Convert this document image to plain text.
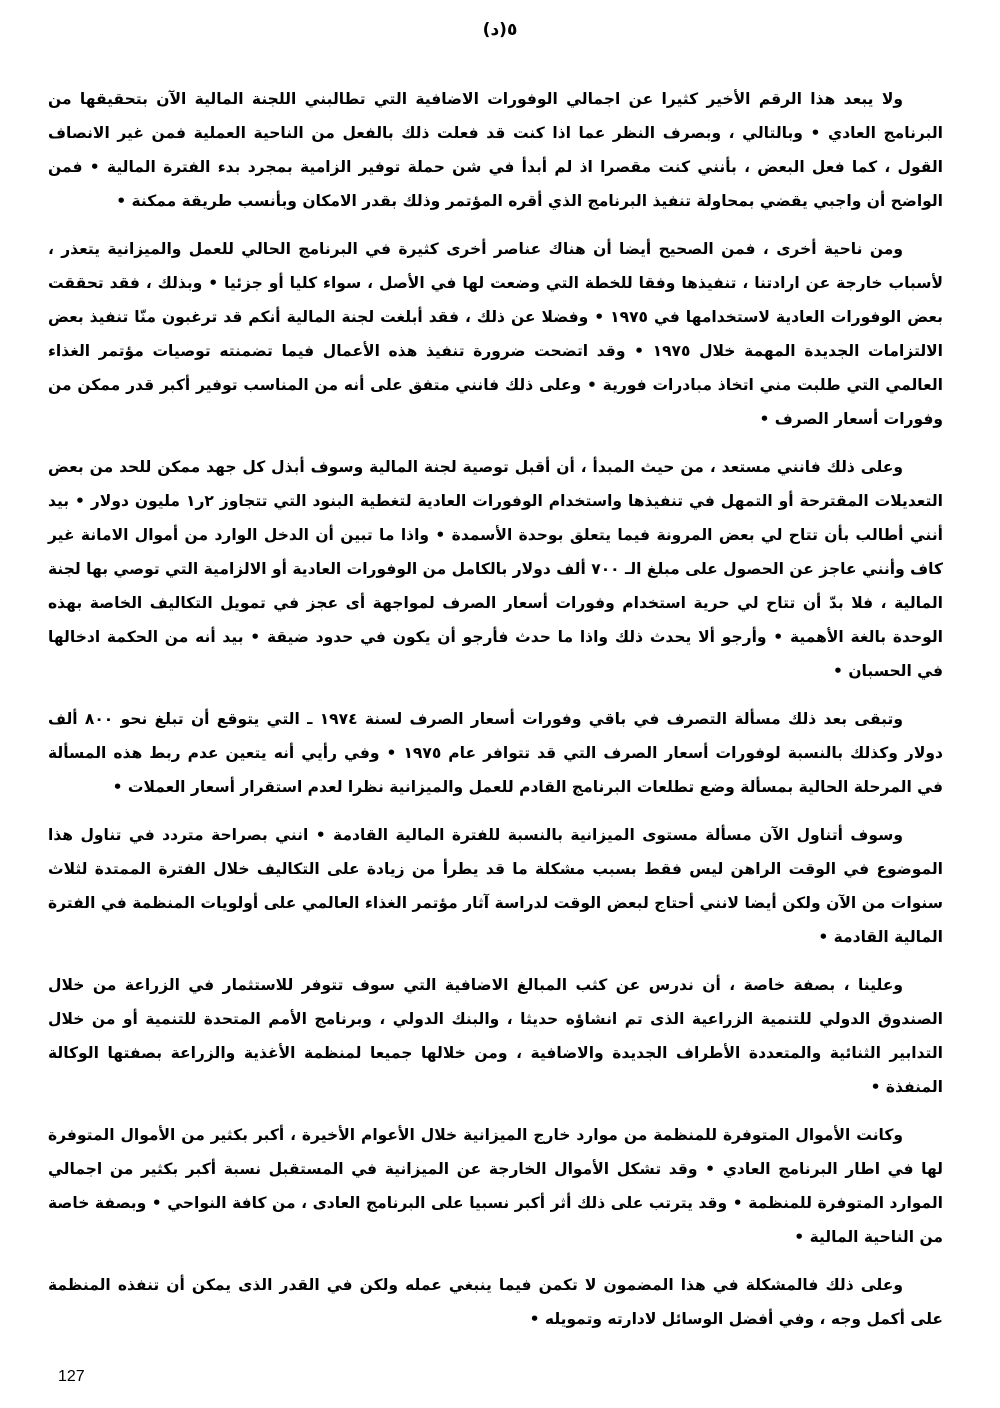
٥(د)

ولا يبعد هذا الرقم الأخير كثيرا عن اجمالي الوفورات الاضافية التي تطالبني اللجنة المالية الآن بتحقيقها من البرنامج العادي • وبالتالي ، وبصرف النظر عما اذا كنت قد فعلت ذلك بالفعل من الناحية العملية فمن غير الانصاف القول ، كما فعل البعض ، بأنني كنت مقصرا اذ لم أبدأ في شن حملة توفير الزامية بمجرد بدء الفترة المالية • فمن الواضح أن واجبي يقضي بمحاولة تنفيذ البرنامج الذي أقره المؤتمر وذلك بقدر الامكان وبأنسب طريقة ممكنة •

ومن ناحية أخرى ، فمن الصحيح أيضا أن هناك عناصر أخرى كثيرة في البرنامج الحالي للعمل والميزانية يتعذر ، لأسباب خارجة عن ارادتنا ، تنفيذها وفقا للخطة التي وضعت لها في الأصل ، سواء كليا أو جزئيا • وبذلك ، فقد تحققت بعض الوفورات العادية لاستخدامها في ١٩٧٥ • وفضلا عن ذلك ، فقد أبلغت لجنة المالية أنكم قد ترغبون منّا تنفيذ بعض الالتزامات الجديدة المهمة خلال ١٩٧٥ • وقد اتضحت ضرورة تنفيذ هذه الأعمال فيما تضمنته توصيات مؤتمر الغذاء العالمي التي طلبت مني اتخاذ مبادرات فورية • وعلى ذلك فانني متفق على أنه من المناسب توفير أكبر قدر ممكن من وفورات أسعار الصرف •

وعلى ذلك فانني مستعد ، من حيث المبدأ ، أن أقبل توصية لجنة المالية وسوف أبذل كل جهد ممكن للحد من بعض التعديلات المقترحة أو التمهل في تنفيذها واستخدام الوفورات العادية لتغطية البنود التي تتجاوز ٢ر١ مليون دولار • بيد أنني أطالب بأن تتاح لي بعض المرونة فيما يتعلق بوحدة الأسمدة • واذا ما تبين أن الدخل الوارد من أموال الامانة غير كاف وأنني عاجز عن الحصول على مبلغ الـ ٧٠٠ ألف دولار بالكامل من الوفورات العادية أو الالزامية التي توصي بها لجنة المالية ، فلا بدّ أن تتاح لي حرية استخدام وفورات أسعار الصرف لمواجهة أى عجز في تمويل التكاليف الخاصة بهذه الوحدة بالغة الأهمية • وأرجو ألا يحدث ذلك واذا ما حدث فأرجو أن يكون في حدود ضيقة • بيد أنه من الحكمة ادخالها في الحسبان •

وتبقى بعد ذلك مسألة التصرف في باقي وفورات أسعار الصرف لسنة ١٩٧٤ ـ التي يتوقع أن تبلغ نحو ٨٠٠ ألف دولار وكذلك بالنسبة لوفورات أسعار الصرف التي قد تتوافر عام ١٩٧٥ • وفي رأيي أنه يتعين عدم ربط هذه المسألة في المرحلة الحالية بمسألة وضع تطلعات البرنامج القادم للعمل والميزانية نظرا لعدم استقرار أسعار العملات •

وسوف أتناول الآن مسألة مستوى الميزانية بالنسبة للفترة المالية القادمة • انني بصراحة متردد في تناول هذا الموضوع في الوقت الراهن ليس فقط بسبب مشكلة ما قد يطرأ من زيادة على التكاليف خلال الفترة الممتدة لثلاث سنوات من الآن ولكن أيضا لانني أحتاج لبعض الوقت لدراسة آثار مؤتمر الغذاء العالمي على أولويات المنظمة في الفترة المالية القادمة •

وعلينا ، بصفة خاصة ، أن ندرس عن كثب المبالغ الاضافية التي سوف تتوفر للاستثمار في الزراعة من خلال الصندوق الدولي للتنمية الزراعية الذى تم انشاؤه حديثا ، والبنك الدولي ، وبرنامج الأمم المتحدة للتنمية أو من خلال التدابير الثنائية والمتعددة الأطراف الجديدة والاضافية ، ومن خلالها جميعا لمنظمة الأغذية والزراعة بصفتها الوكالة المنفذة •

وكانت الأموال المتوفرة للمنظمة من موارد خارج الميزانية خلال الأعوام الأخيرة ، أكبر بكثير من الأموال المتوفرة لها في اطار البرنامج العادي • وقد تشكل الأموال الخارجة عن الميزانية في المستقبل نسبة أكبر بكثير من اجمالي الموارد المتوفرة للمنظمة • وقد يترتب على ذلك أثر أكبر نسبيا على البرنامج العادى ، من كافة النواحي • وبصفة خاصة من الناحية المالية •

وعلى ذلك فالمشكلة في هذا المضمون لا تكمن فيما ينبغي عمله ولكن في القدر الذى يمكن أن تنفذه المنظمة على أكمل وجه ، وفي أفضل الوسائل لادارته وتمويله •

127
